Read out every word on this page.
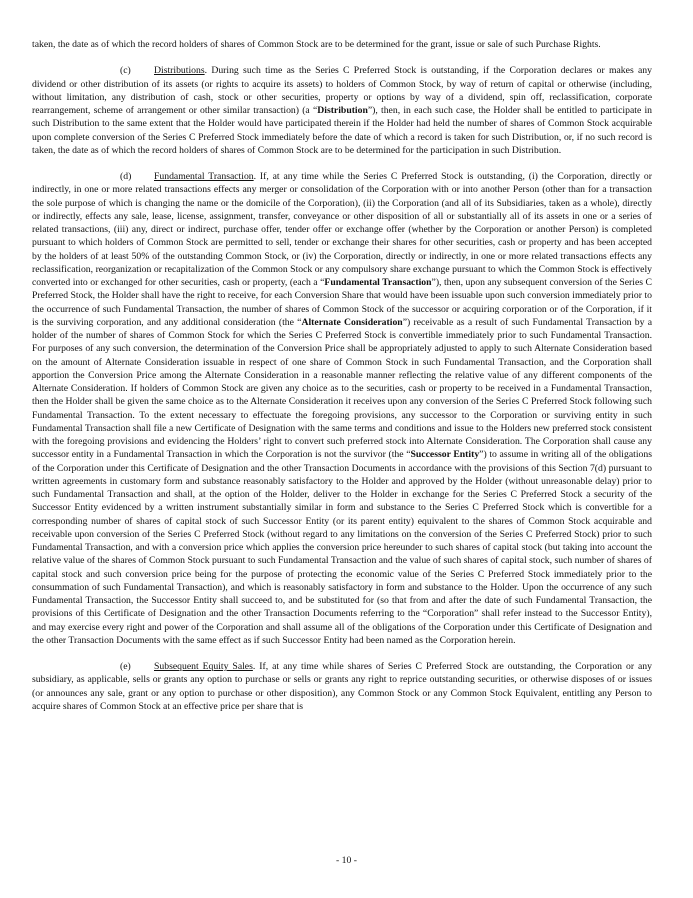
taken, the date as of which the record holders of shares of Common Stock are to be determined for the grant, issue or sale of such Purchase Rights.

(c) Distributions. During such time as the Series C Preferred Stock is outstanding, if the Corporation declares or makes any dividend or other distribution of its assets (or rights to acquire its assets) to holders of Common Stock, by way of return of capital or otherwise (including, without limitation, any distribution of cash, stock or other securities, property or options by way of a dividend, spin off, reclassification, corporate rearrangement, scheme of arrangement or other similar transaction) (a “Distribution”), then, in each such case, the Holder shall be entitled to participate in such Distribution to the same extent that the Holder would have participated therein if the Holder had held the number of shares of Common Stock acquirable upon complete conversion of the Series C Preferred Stock immediately before the date of which a record is taken for such Distribution, or, if no such record is taken, the date as of which the record holders of shares of Common Stock are to be determined for the participation in such Distribution.

(d) Fundamental Transaction. If, at any time while the Series C Preferred Stock is outstanding, (i) the Corporation, directly or indirectly, in one or more related transactions effects any merger or consolidation of the Corporation with or into another Person (other than for a transaction the sole purpose of which is changing the name or the domicile of the Corporation), (ii) the Corporation (and all of its Subsidiaries, taken as a whole), directly or indirectly, effects any sale, lease, license, assignment, transfer, conveyance or other disposition of all or substantially all of its assets in one or a series of related transactions, (iii) any, direct or indirect, purchase offer, tender offer or exchange offer (whether by the Corporation or another Person) is completed pursuant to which holders of Common Stock are permitted to sell, tender or exchange their shares for other securities, cash or property and has been accepted by the holders of at least 50% of the outstanding Common Stock, or (iv) the Corporation, directly or indirectly, in one or more related transactions effects any reclassification, reorganization or recapitalization of the Common Stock or any compulsory share exchange pursuant to which the Common Stock is effectively converted into or exchanged for other securities, cash or property, (each a “Fundamental Transaction”), then, upon any subsequent conversion of the Series C Preferred Stock, the Holder shall have the right to receive, for each Conversion Share that would have been issuable upon such conversion immediately prior to the occurrence of such Fundamental Transaction, the number of shares of Common Stock of the successor or acquiring corporation or of the Corporation, if it is the surviving corporation, and any additional consideration (the “Alternate Consideration”) receivable as a result of such Fundamental Transaction by a holder of the number of shares of Common Stock for which the Series C Preferred Stock is convertible immediately prior to such Fundamental Transaction. For purposes of any such conversion, the determination of the Conversion Price shall be appropriately adjusted to apply to such Alternate Consideration based on the amount of Alternate Consideration issuable in respect of one share of Common Stock in such Fundamental Transaction, and the Corporation shall apportion the Conversion Price among the Alternate Consideration in a reasonable manner reflecting the relative value of any different components of the Alternate Consideration. If holders of Common Stock are given any choice as to the securities, cash or property to be received in a Fundamental Transaction, then the Holder shall be given the same choice as to the Alternate Consideration it receives upon any conversion of the Series C Preferred Stock following such Fundamental Transaction. To the extent necessary to effectuate the foregoing provisions, any successor to the Corporation or surviving entity in such Fundamental Transaction shall file a new Certificate of Designation with the same terms and conditions and issue to the Holders new preferred stock consistent with the foregoing provisions and evidencing the Holders’ right to convert such preferred stock into Alternate Consideration. The Corporation shall cause any successor entity in a Fundamental Transaction in which the Corporation is not the survivor (the “Successor Entity”) to assume in writing all of the obligations of the Corporation under this Certificate of Designation and the other Transaction Documents in accordance with the provisions of this Section 7(d) pursuant to written agreements in customary form and substance reasonably satisfactory to the Holder and approved by the Holder (without unreasonable delay) prior to such Fundamental Transaction and shall, at the option of the Holder, deliver to the Holder in exchange for the Series C Preferred Stock a security of the Successor Entity evidenced by a written instrument substantially similar in form and substance to the Series C Preferred Stock which is convertible for a corresponding number of shares of capital stock of such Successor Entity (or its parent entity) equivalent to the shares of Common Stock acquirable and receivable upon conversion of the Series C Preferred Stock (without regard to any limitations on the conversion of the Series C Preferred Stock) prior to such Fundamental Transaction, and with a conversion price which applies the conversion price hereunder to such shares of capital stock (but taking into account the relative value of the shares of Common Stock pursuant to such Fundamental Transaction and the value of such shares of capital stock, such number of shares of capital stock and such conversion price being for the purpose of protecting the economic value of the Series C Preferred Stock immediately prior to the consummation of such Fundamental Transaction), and which is reasonably satisfactory in form and substance to the Holder. Upon the occurrence of any such Fundamental Transaction, the Successor Entity shall succeed to, and be substituted for (so that from and after the date of such Fundamental Transaction, the provisions of this Certificate of Designation and the other Transaction Documents referring to the “Corporation” shall refer instead to the Successor Entity), and may exercise every right and power of the Corporation and shall assume all of the obligations of the Corporation under this Certificate of Designation and the other Transaction Documents with the same effect as if such Successor Entity had been named as the Corporation herein.

(e) Subsequent Equity Sales. If, at any time while shares of Series C Preferred Stock are outstanding, the Corporation or any subsidiary, as applicable, sells or grants any option to purchase or sells or grants any right to reprice outstanding securities, or otherwise disposes of or issues (or announces any sale, grant or any option to purchase or other disposition), any Common Stock or any Common Stock Equivalent, entitling any Person to acquire shares of Common Stock at an effective price per share that is

- 10 -
